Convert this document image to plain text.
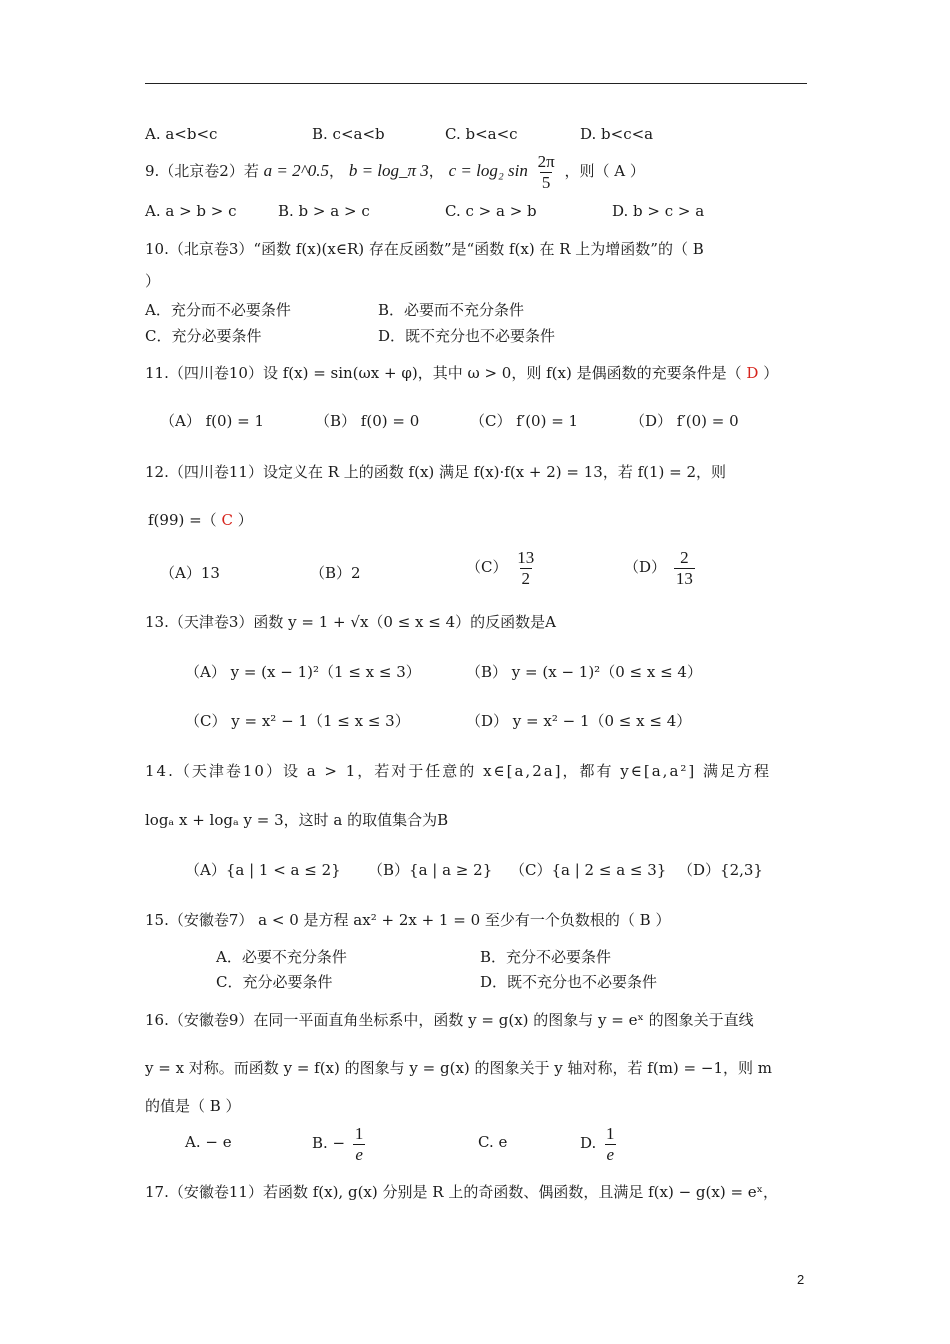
A. a<b<c	B. c<a<b	C. b<a<c	D. b<c<a
9.（北京卷2）若 a = 2^0.5， b = log_π 3， c = log₂ $\sin \frac{2\pi}{5}$ ，则（ A ）
A. a > b > c	B. b > a > c	C. c > a > b	D. b > c > a
10.（北京卷3）“函数 f(x)(x∈R) 存在反函数”是“函数 f(x) 在 R 上为增函数”的（ B
）
A．充分而不必要条件	B．必要而不充分条件
C．充分必要条件	D．既不充分也不必要条件
11.（四川卷10）设 f(x) = sin(ωx + φ)，其中 ω > 0，则 f(x) 是偶函数的充要条件是（ D ）
（A） f(0) = 1	（B） f(0) = 0	（C） f′(0) = 1	（D） f′(0) = 0
12.（四川卷11）设定义在 R 上的函数 f(x) 满足 f(x)·f(x + 2) = 13，若 f(1) = 2，则
f(99) =（ C ）
（A）13	（B）2	$(C) \frac{13}{2}$	$(D) \frac{2}{13}$
13.（天津卷3）函数 y = 1 + √x（0 ≤ x ≤ 4）的反函数是A
（A） y = (x − 1)²（1 ≤ x ≤ 3）	（B） y = (x − 1)²（0 ≤ x ≤ 4）
（C） y = x² − 1（1 ≤ x ≤ 3）	（D） y = x² − 1（0 ≤ x ≤ 4）
14.（天津卷10）设 a > 1，若对于任意的 x∈[a,2a]，都有 y∈[a,a²] 满足方程
logₐ x + logₐ y = 3，这时 a 的取值集合为B
（A）{a | 1 < a ≤ 2} （B）{a | a ≥ 2} （C）{a | 2 ≤ a ≤ 3} （D）{2,3}
15.（安徽卷7） a < 0 是方程 ax² + 2x + 1 = 0 至少有一个负数根的（ B ）
A．必要不充分条件	B．充分不必要条件
C．充分必要条件	D．既不充分也不必要条件
16.（安徽卷9）在同一平面直角坐标系中，函数 y = g(x) 的图象与 y = eˣ 的图象关于直线
y = x 对称。而函数 y = f(x) 的图象与 y = g(x) 的图象关于 y 轴对称，若 f(m) = −1，则 m
的值是（ B ）
A. − e	B. − $\frac{1}{e}$	C. e	D. $\frac{1}{e}$
17.（安徽卷11）若函数 f(x), g(x) 分别是 R 上的奇函数、偶函数，且满足 f(x) − g(x) = eˣ，
2
